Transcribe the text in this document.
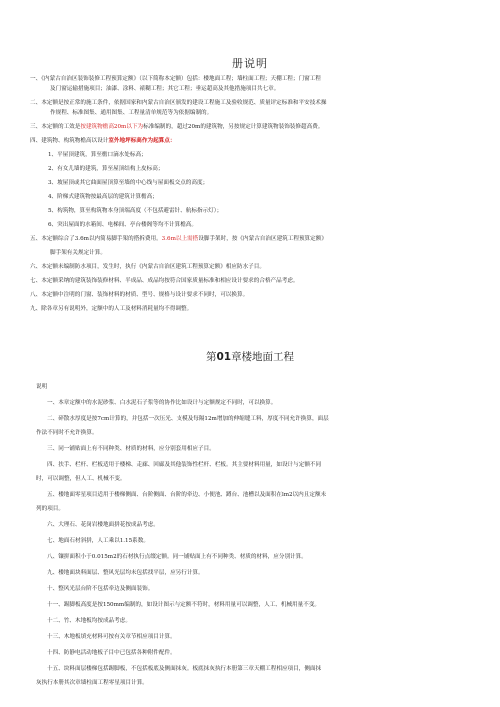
册说明
一、《内蒙古自治区装饰装修工程预算定额》（以下简称本定额）包括：楼地面工程；墙柱面工程；天棚工程；门窗工程
及门窗运输措施项目；油漆、涂料、裱糊工程；其它工程；垂运超高及其他措施项目共七章。
二、本定额是按正常的施工条件，依据国家和内蒙古自治区颁发的建设工程施工及验收规范、质量评定标准和平安技术操
作规程、标准图集、通用图集、工程量清单规范等为依据编制的。
三、本定额的工效是按建筑物檐高20m以下为标准编制的，超过20m的建筑物，另按规定计算建筑物装饰装修超高费。
四、建筑物、构筑物檐高以设计室外地坪标高作为起算点：
1、平屋顶建筑，算至檐口滴水处标高；
2、有女儿墙的建筑，算至屋顶结构上皮标高；
3、坡屋顶或其它曲面屋顶算至墙的中心线与屋面板交点的高度；
4、阶梯式建筑物按最高层的建筑计算檐高；
5、构筑物，算至构筑物本身顶端高度（不包括避雷针、航标指示灯）；
6、突出屋面的水箱间、电梯间、亭台楼阁等均不计算檐高。
五、本定额综合了3.6m以内简易脚手架的搭拆费用。3.6m以上需搭设脚手架时，按《内蒙古自治区建筑工程预算定额》
脚手架有关规定计算。
六、本定额未编制防水项目，发生时，执行《内蒙古自治区建筑工程预算定额》相应防水子目。
七、本定额采纳的建筑装饰装修材料、半成品、成品均按符合国家质量标准和相应设计要求的合格产品考虑。
八、本定额中注明的门窗、装饰材料的材质、型号、规格与设计要求不同时，可以换算。
九、除各章另有说明外，定额中的人工及材料消耗量均不得调整。
第01章楼地面工程
说明
一、本章定额中的水泥砂浆、白水泥石子浆等的协作比如设计与定额规定不同时，可以换算。
二、碎散水厚度是按7cm计算的，并包括一次压光、支模及每隔12m增加的伸缩缝工料，厚度不同允许换算，面层
作法不同时不允许换算。
三、同一铺贴面上有不同种类、材质的材料，应分别套用相应子目。
四、扶手、栏杆、栏板适用于楼梯、走廊、回廊及其他装饰性栏杆、栏板。其主要材料用量，如设计与定额不同
时，可以调整，但人工、机械不变。
五、楼地面零星项目适用于楼梯侧面、台阶侧面、台阶的牵边、小便池、蹲台、池槽以及面积在lm2以内且定额未
列的项目。
六、大理石、花岗岩楼地面拼花按成品考虑。
七、地面石材斜拼，人工乘以1.15系数。
八、镶拼面积小于0.015m2的石材执行点缀定额。同一铺贴面上有不同种类、材质的材料，应分别计算。
九、楼地面块料面层、整风光层均未包括找平层，应另行计算。
十、整风光层台阶不包括牵边及侧面装饰。
十一、踢脚板高度是按150mm编制的，如设计图示与定额不符时，材料用量可以调整，人工、机械用量不变。
十二、竹、木地板均按成品考虑。
十三、木地板填充材料可按有关章节相应项目计算。
十四、防静电活动地板子目中已包括各种附件配件。
十五、块料面层楼梯包括踢脚板，不包括板底及侧面抹灰。板底抹灰执行本册第三章天棚工程相应项目，侧面抹
灰执行本册其次章墙柱面工程零星项目计算。
